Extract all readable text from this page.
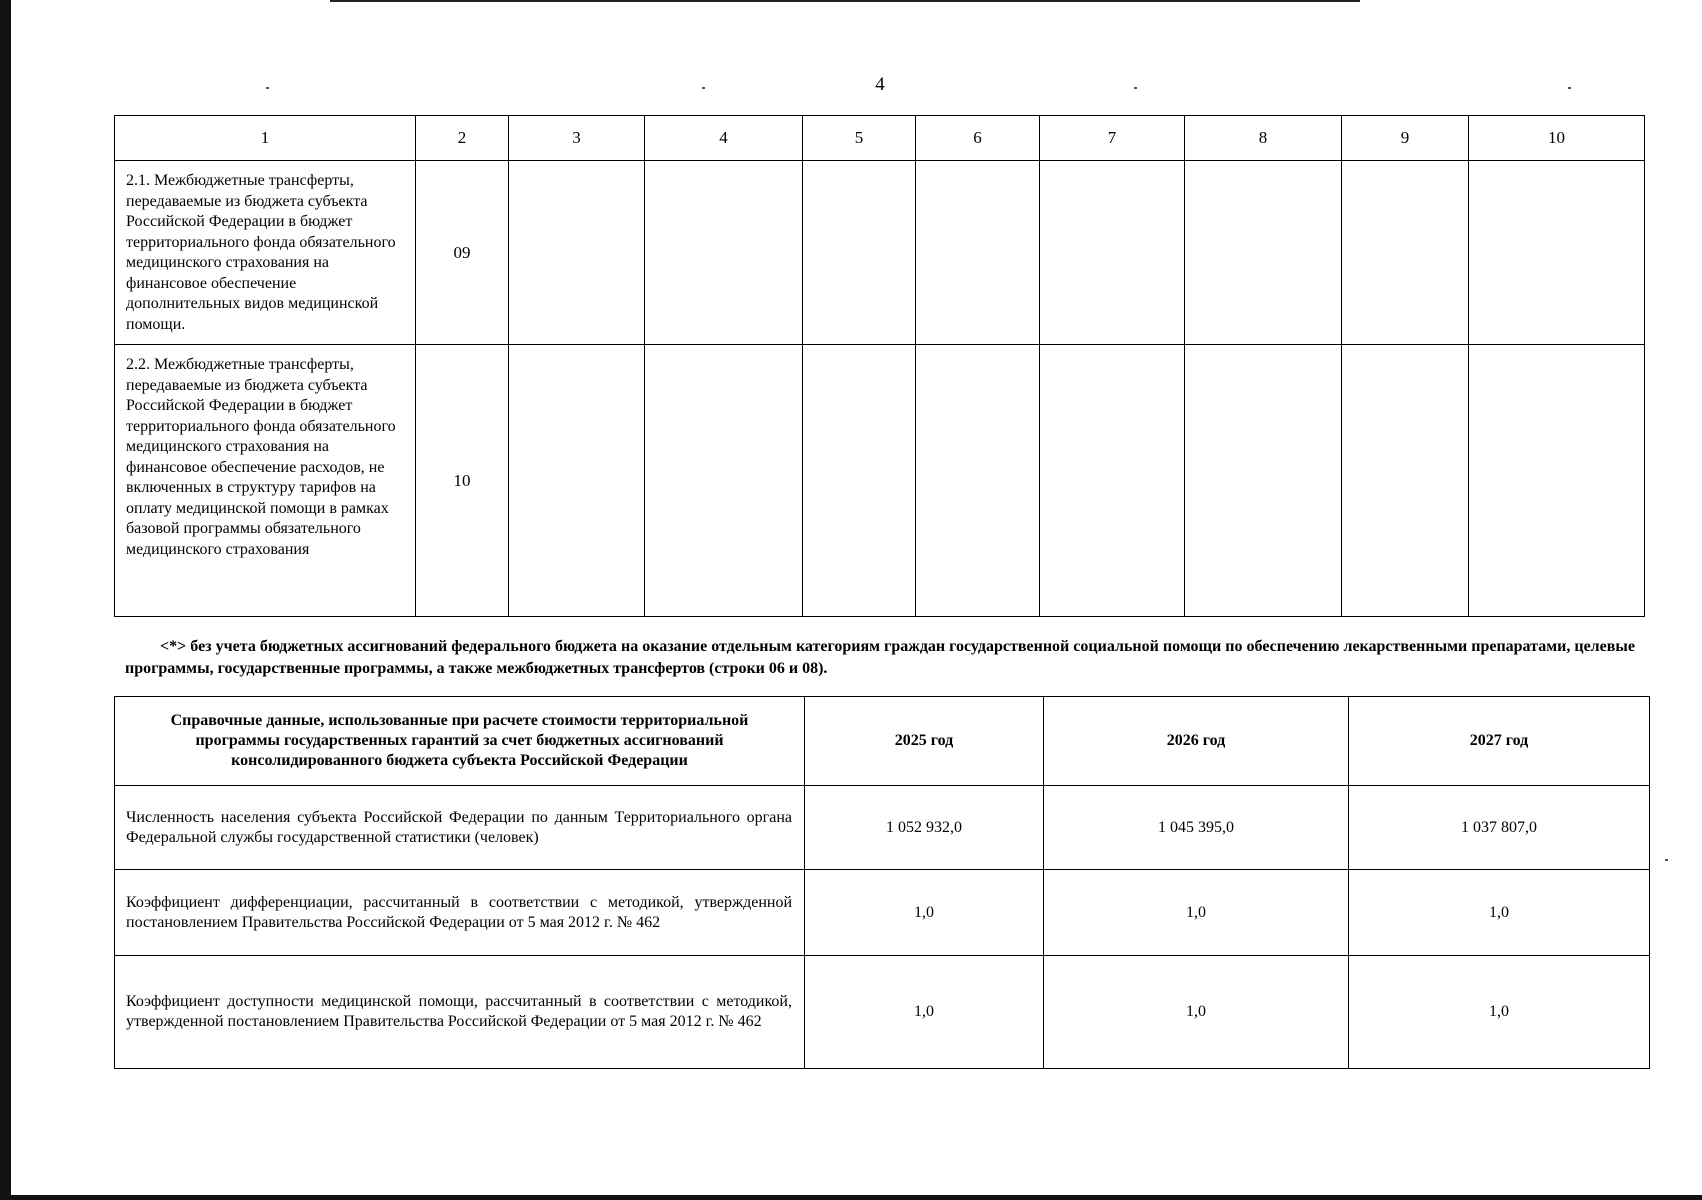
4
1	2	3	4	5	6	7	8	9	10
2.1. Межбюджетные трансферты, передаваемые из бюджета субъекта Российской Федерации в бюджет территориального фонда обязательного медицинского страхования на финансовое обеспечение дополнительных видов медицинской помощи.	09								
2.2. Межбюджетные трансферты, передаваемые из бюджета субъекта Российской Федерации в бюджет территориального фонда обязательного медицинского страхования на финансовое обеспечение расходов, не включенных в структуру тарифов на оплату медицинской помощи в рамках базовой программы обязательного медицинского страхования	10								
<*> без учета бюджетных ассигнований федерального бюджета на оказание отдельным категориям граждан государственной социальной помощи по обеспечению лекарственными препаратами, целевые программы, государственные программы, а также межбюджетных трансфертов (строки 06 и 08).
Справочные данные, использованные при расчете стоимости территориальной программы государственных гарантий за счет бюджетных ассигнований консолидированного бюджета субъекта Российской Федерации	2025 год	2026 год	2027 год
Численность населения субъекта Российской Федерации по данным Территориального органа Федеральной службы государственной статистики (человек)	1 052 932,0	1 045 395,0	1 037 807,0
Коэффициент дифференциации, рассчитанный в соответствии с методикой, утвержденной постановлением Правительства Российской Федерации от 5 мая 2012 г. № 462	1,0	1,0	1,0
Коэффициент доступности медицинской помощи, рассчитанный в соответствии с методикой, утвержденной постановлением Правительства Российской Федерации от 5 мая 2012 г. № 462	1,0	1,0	1,0
